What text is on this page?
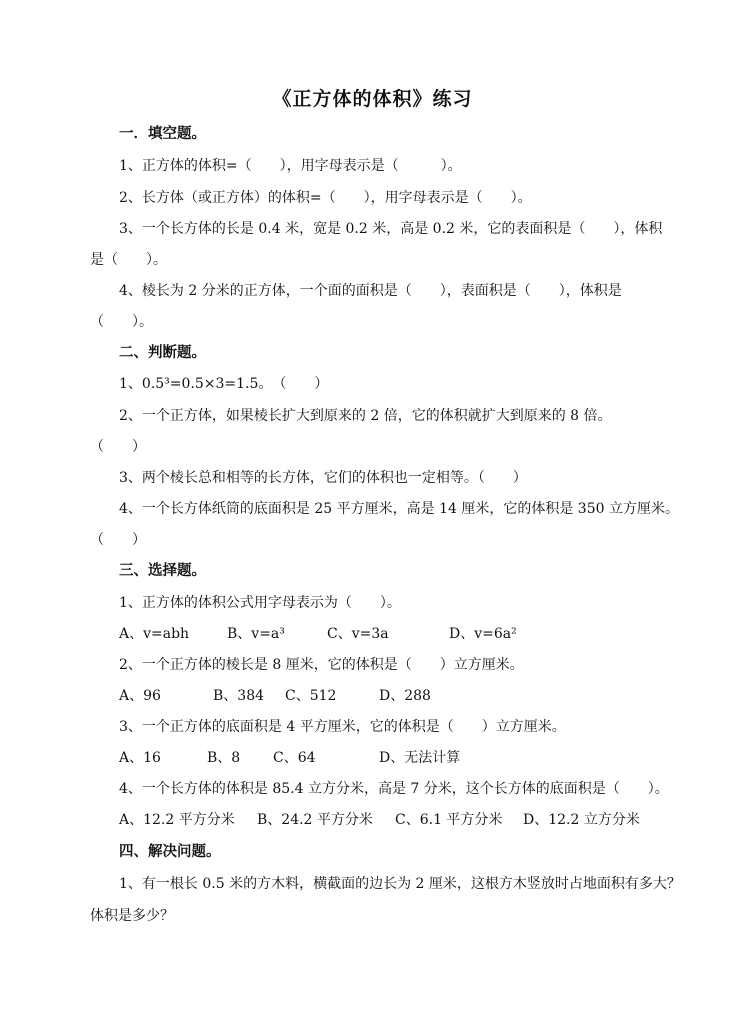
《正方体的体积》练习
一．填空题。
1、正方体的体积=（　　），用字母表示是（　　　）。
2、长方体（或正方体）的体积=（　　），用字母表示是（　　）。
3、一个长方体的长是 0.4 米，宽是 0.2 米，高是 0.2 米，它的表面积是（　　），体积
是（　　）。
4、棱长为 2 分米的正方体，一个面的面积是（　　），表面积是（　　），体积是
（　　）。
二、判断题。
1、0.5³=0.5×3=1.5。　（　　）
2、一个正方体，如果棱长扩大到原来的 2 倍，它的体积就扩大到原来的 8 倍。
（　　）
3、两个棱长总和相等的长方体，它们的体积也一定相等。（　　）
4、一个长方体纸筒的底面积是 25 平方厘米，高是 14 厘米，它的体积是 350 立方厘米。
（　　）
三、选择题。
1、正方体的体积公式用字母表示为（　　）。
A、v=abh	B、v=a³	C、v=3a	D、v=6a²
2、一个正方体的棱长是 8 厘米，它的体积是（　　）立方厘米。
A、96	B、384 C、512	D、288
3、一个正方体的底面积是 4 平方厘米，它的体积是（　　）立方厘米。
A、16	B、8 C、64	D、无法计算
4、一个长方体的体积是 85.4 立方分米，高是 7 分米，这个长方体的底面积是（　　）。
A、12.2 平方分米 B、24.2 平方分米 C、6.1 平方分米 D、12.2 立方分米
四、解决问题。
1、有一根长 0.5 米的方木料，横截面的边长为 2 厘米，这根方木竖放时占地面积有多大？
体积是多少？
